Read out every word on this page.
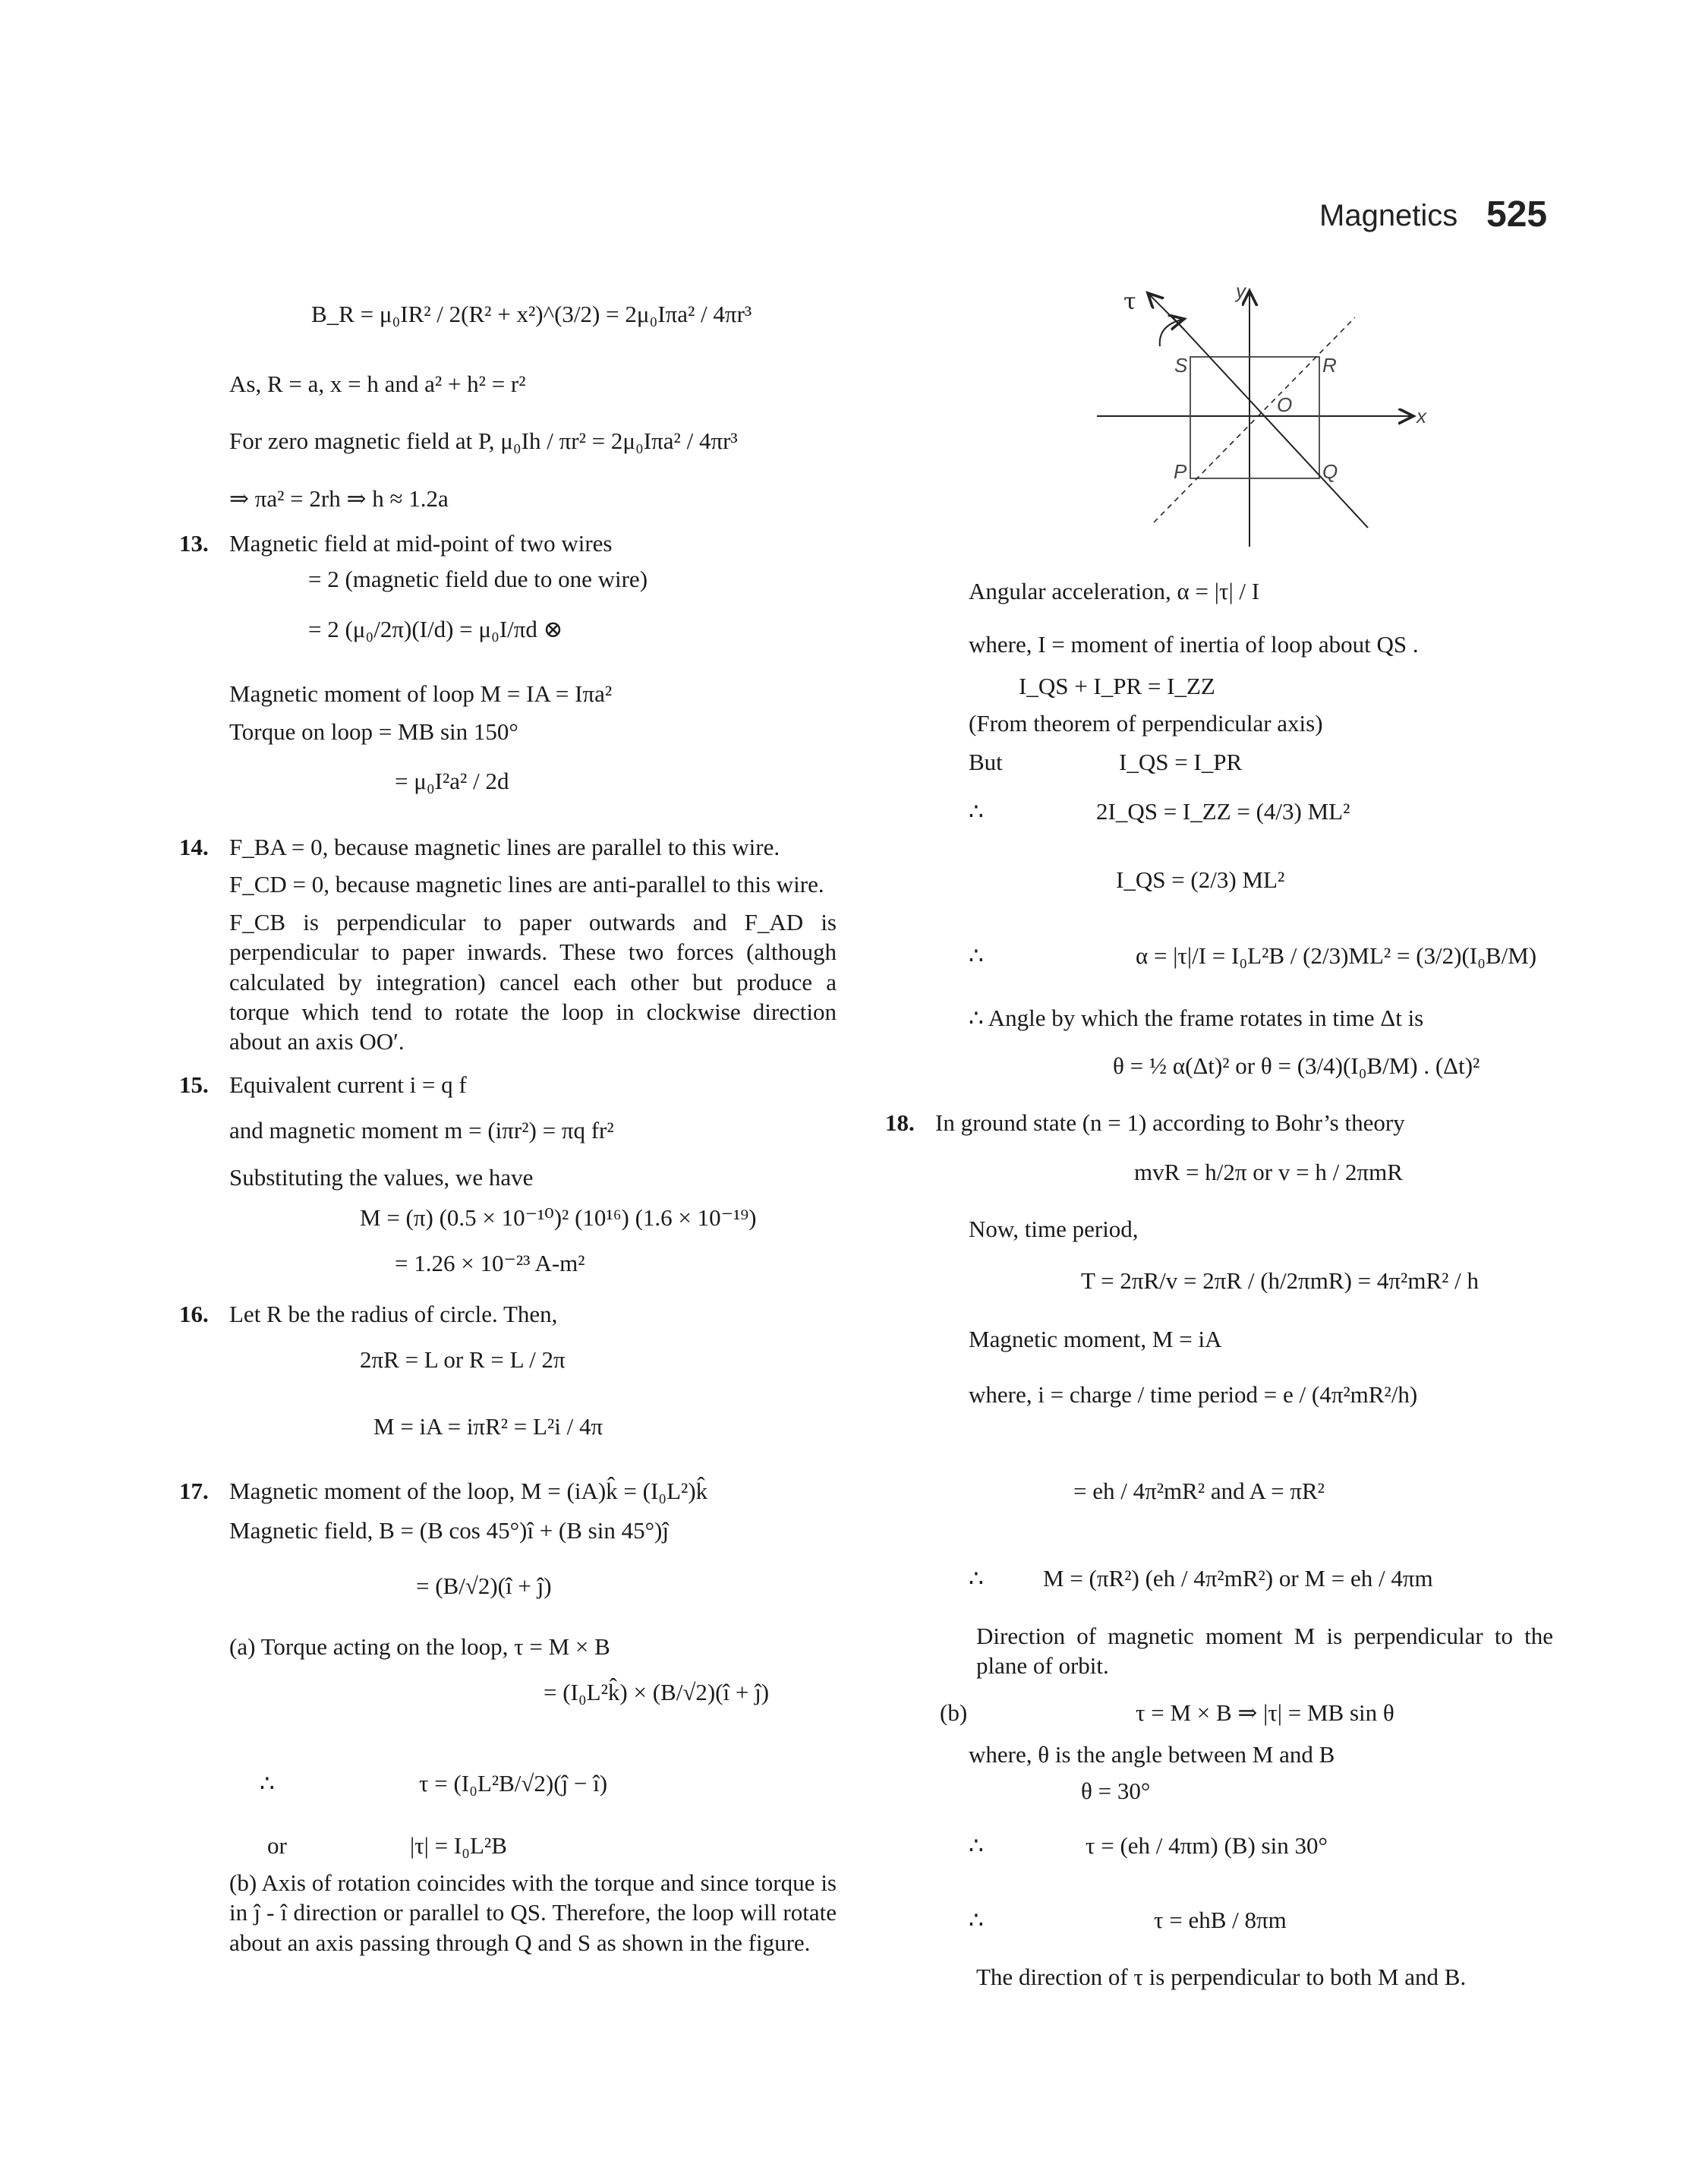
Magnetics 525
B_R = μ₀IR² / 2(R² + x²)^(3/2) = 2μ₀Iπa² / 4πr³
As, R = a, x = h and a² + h² = r²
For zero magnetic field at P, μ₀Ih / πr² = 2μ₀Iπa² / 4πr³
⇒ πa² = 2rh ⇒ h ≈ 1.2a
13. Magnetic field at mid-point of two wires
= 2 (magnetic field due to one wire)
= 2 (μ₀/2π)(I/d) = μ₀I/πd ⊗
Magnetic moment of loop M = IA = Iπa²
Torque on loop = MB sin 150°
= μ₀I²a² / 2d
14. F_BA = 0, because magnetic lines are parallel to this wire.
F_CD = 0, because magnetic lines are anti-parallel to this wire.
F_CB is perpendicular to paper outwards and F_AD is perpendicular to paper inwards. These two forces (although calculated by integration) cancel each other but produce a torque which tend to rotate the loop in clockwise direction about an axis OO′.
15. Equivalent current i = q f
and magnetic moment m = (iπr²) = πq fr²
Substituting the values, we have
M = (π) (0.5 × 10⁻¹⁰)² (10¹⁶) (1.6 × 10⁻¹⁹)
= 1.26 × 10⁻²³ A-m²
16. Let R be the radius of circle. Then,
2πR = L or R = L / 2π
M = iA = iπR² = L²i / 4π
17. Magnetic moment of the loop, M = (iA)k̂ = (I₀L²)k̂
Magnetic field, B = (B cos 45°)î + (B sin 45°)ĵ
= (B/√2)(î + ĵ)
(a) Torque acting on the loop, τ = M × B
= (I₀L²k̂) × (B/√2)(î + ĵ)
∴	τ = (I₀L²B/√2)(ĵ − î)
or	|τ| = I₀L²B
(b) Axis of rotation coincides with the torque and since torque is in ĵ - î direction or parallel to QS. Therefore, the loop will rotate about an axis passing through Q and S as shown in the figure.
τ	y
x
S	R
O
P	Q
Angular acceleration, α = |τ| / I
where, I = moment of inertia of loop about QS .
I_QS + I_PR = I_ZZ
(From theorem of perpendicular axis)
But	I_QS = I_PR
∴	2I_QS = I_ZZ = (4/3) ML²
I_QS = (2/3) ML²
∴	α = |τ|/I = I₀L²B / (2/3)ML² = (3/2)(I₀B/M)
∴ Angle by which the frame rotates in time Δt is
θ = ½ α(Δt)² or θ = (3/4)(I₀B/M) . (Δt)²
18. In ground state (n = 1) according to Bohr’s theory
mvR = h/2π or v = h / 2πmR
Now, time period,
T = 2πR/v = 2πR / (h/2πmR) = 4π²mR² / h
Magnetic moment, M = iA
where, i = charge / time period = e / (4π²mR²/h)
= eh / 4π²mR² and A = πR²
∴	M = (πR²) (eh / 4π²mR²) or M = eh / 4πm
Direction of magnetic moment M is perpendicular to the plane of orbit.
(b)	τ = M × B ⇒ |τ| = MB sin θ
where, θ is the angle between M and B
θ = 30°
∴	τ = (eh / 4πm) (B) sin 30°
∴	τ = ehB / 8πm
The direction of τ is perpendicular to both M and B.
